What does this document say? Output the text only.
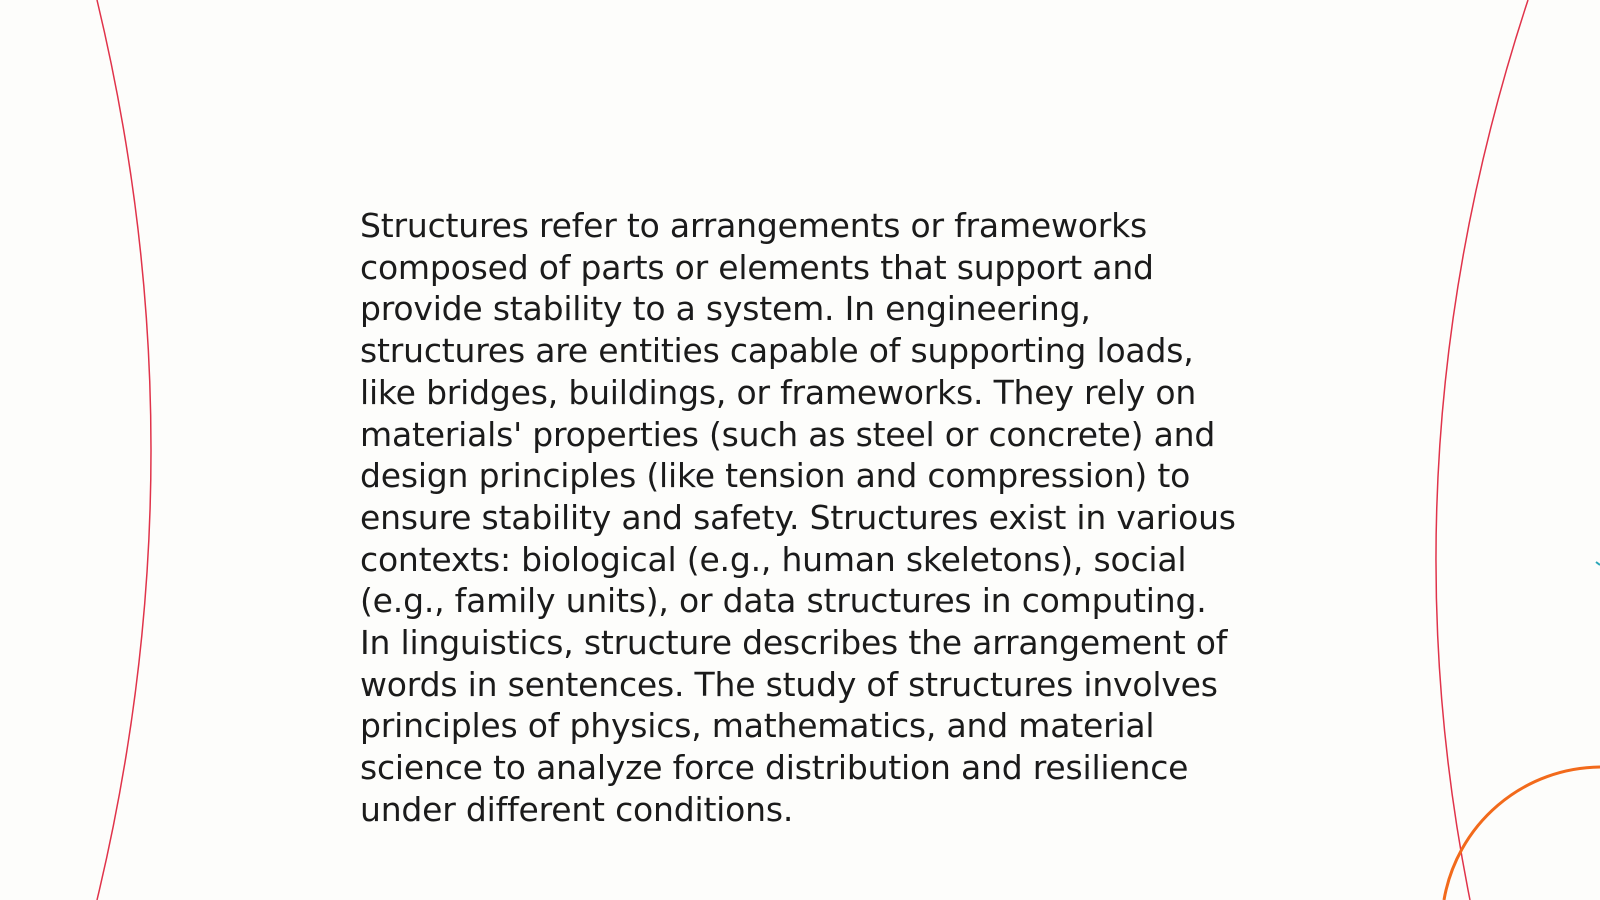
Structures refer to arrangements or frameworks composed of parts or elements that support and provide stability to a system. In engineering, structures are entities capable of supporting loads, like bridges, buildings, or frameworks. They rely on materials' properties (such as steel or concrete) and design principles (like tension and compression) to ensure stability and safety. Structures exist in various contexts: biological (e.g., human skeletons), social (e.g., family units), or data structures in computing. In linguistics, structure describes the arrangement of words in sentences. The study of structures involves principles of physics, mathematics, and material science to analyze force distribution and resilience under different conditions.
